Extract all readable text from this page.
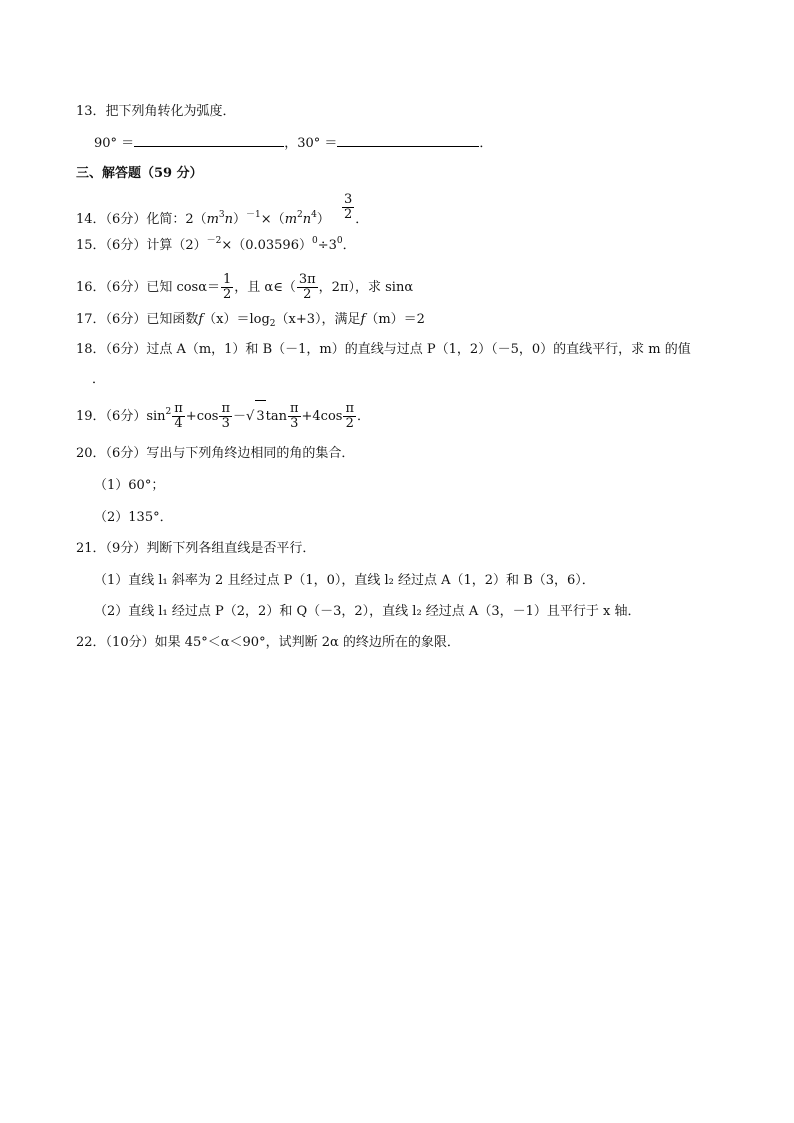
13．把下列角转化为弧度．
90° ＝	，30° ＝	．
三、解答题（59 分）
14．（6分）化简：$2(m^3n)^{-1}\times(m^2n^4) \frac{3}{2}$ ．
15．（6分）计算$(2)^{-2}\times(0.03596)^0\div 3^0$．
16．（6分）已知 $\cos\alpha= \frac{1}{2}$ ，且 α∈（ $\frac{3\pi}{2}$ ，2π），求 sinα
17．（6分）已知函数$f(x)=\log_2(x+3)$，满足f（m）＝2
18．（6分）过点 A（m，1）和 B（－1，m）的直线与过点 P（1，2）（－5，0）的直线平行，求 m 的值
．
19．（6分）$\sin^2 \frac{\pi}{4} +\cos \frac{\pi}{3}$ －√ $3\tan \frac{\pi}{3} +4\cos \frac{\pi}{2}$ ．
20．（6分）写出与下列角终边相同的角的集合．
（1）60°；
（2）135°．
21．（9分）判断下列各组直线是否平行．
（1）直线 l₁ 斜率为 2 且经过点 P（1，0），直线 l₂ 经过点 A（1，2）和 B（3，6）．
（2）直线 l₁ 经过点 P（2，2）和 Q（－3，2），直线 l₂ 经过点 A（3，－1）且平行于 x 轴．
22．（10分）如果 45°＜α＜90°，试判断 2α 的终边所在的象限．
